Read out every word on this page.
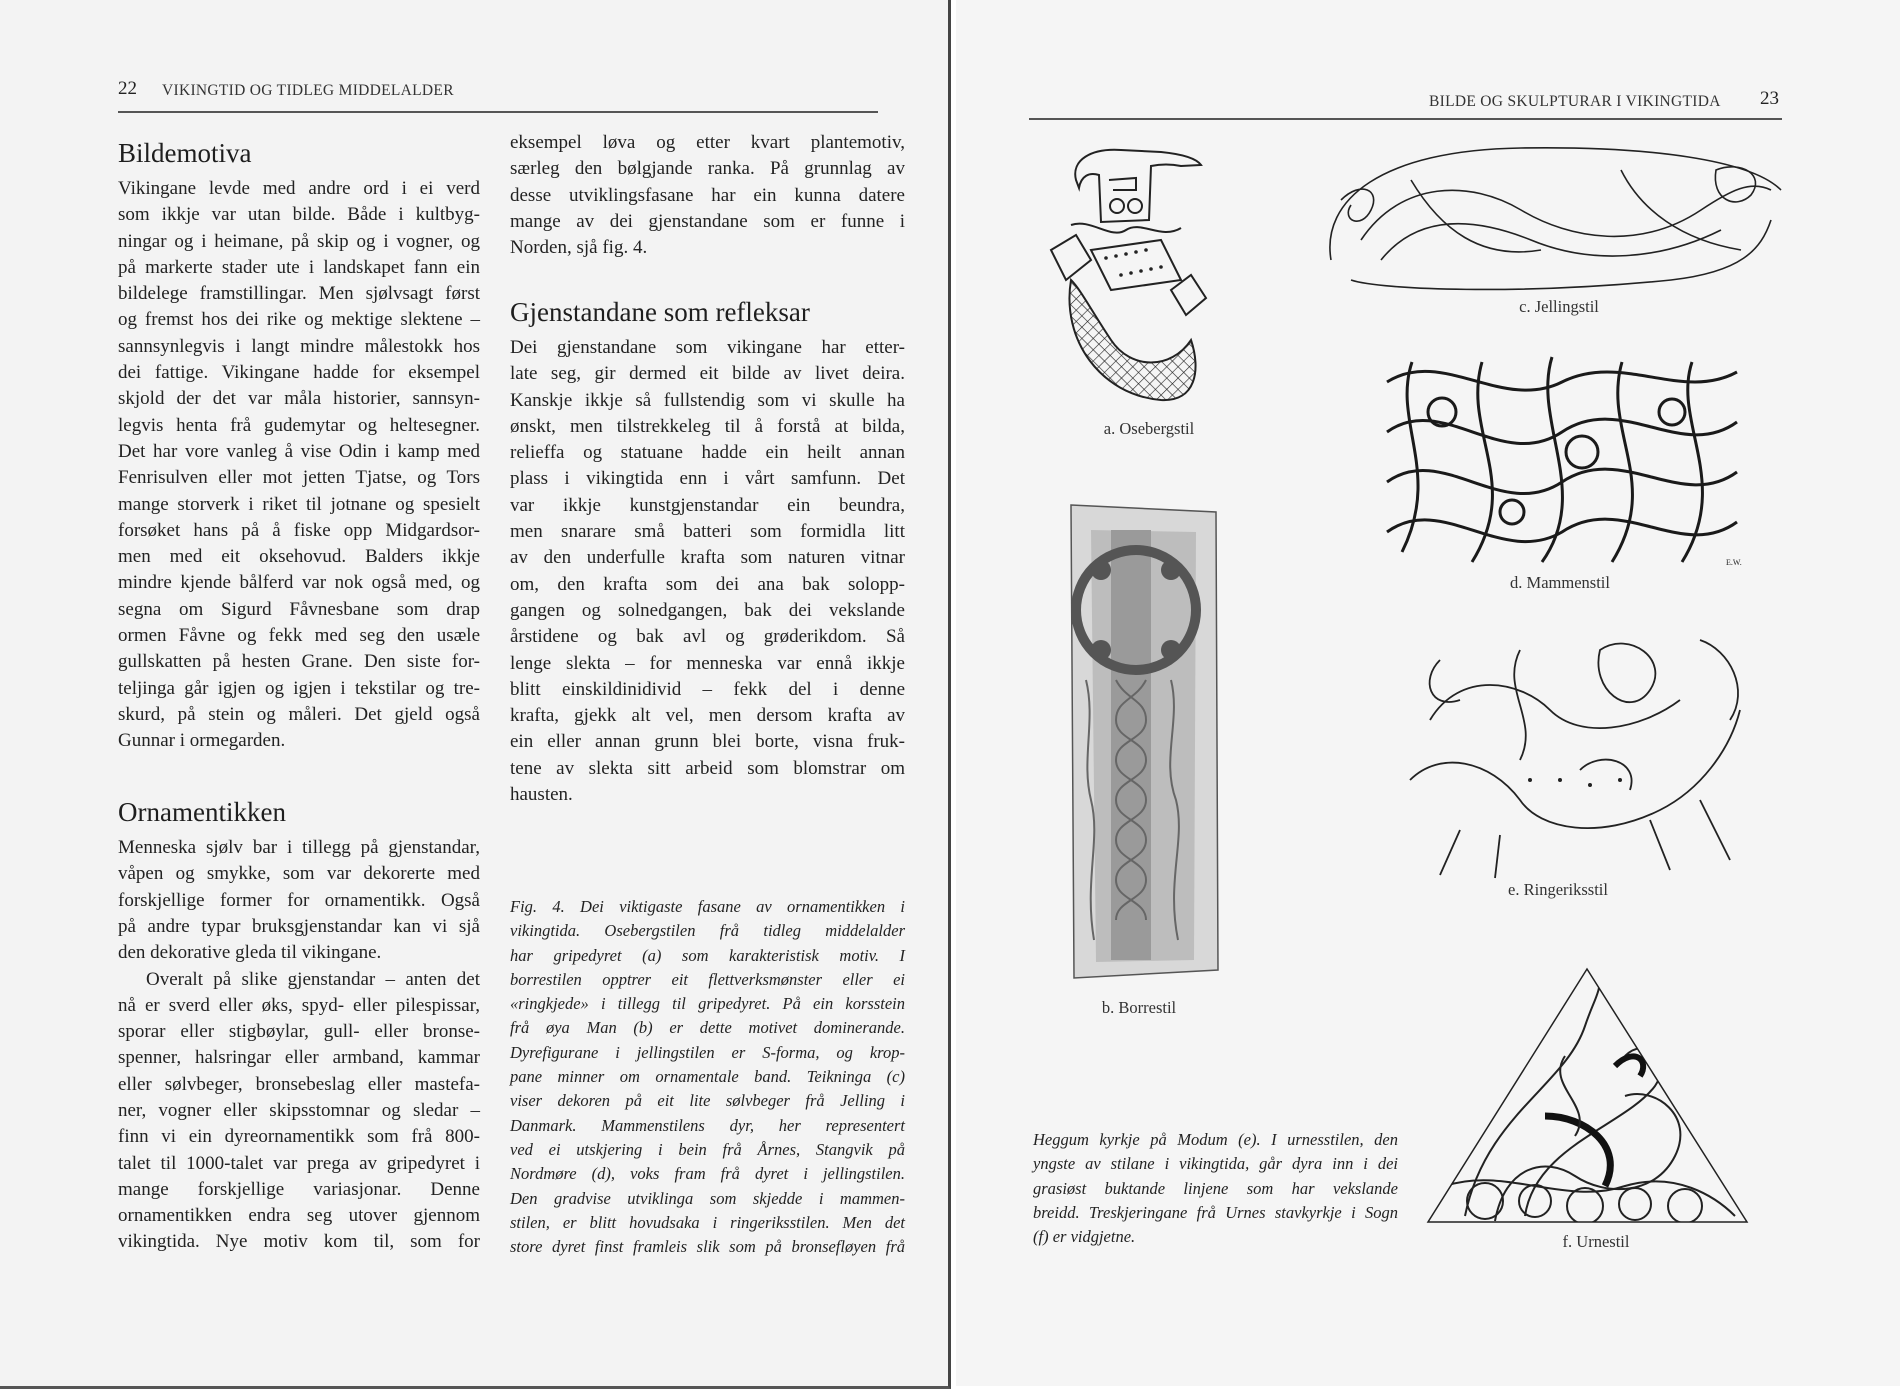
22 VIKINGTID OG TIDLEG MIDDELALDER
Bildemotiva
Vikingane levde med andre ord i ei verd
som ikkje var utan bilde. Både i kultbyg-
ningar og i heimane, på skip og i vogner, og
på markerte stader ute i landskapet fann ein
bildelege framstillingar. Men sjølvsagt først
og fremst hos dei rike og mektige slektene –
sannsynlegvis i langt mindre målestokk hos
dei fattige. Vikingane hadde for eksempel
skjold der det var måla historier, sannsyn-
legvis henta frå gudemytar og heltesegner.
Det har vore vanleg å vise Odin i kamp med
Fenrisulven eller mot jetten Tjatse, og Tors
mange storverk i riket til jotnane og spesielt
forsøket hans på å fiske opp Midgardsor-
men med eit oksehovud. Balders ikkje
mindre kjende bålferd var nok også med, og
segna om Sigurd Fåvnesbane som drap
ormen Fåvne og fekk med seg den usæle
gullskatten på hesten Grane. Den siste for-
teljinga går igjen og igjen i tekstilar og tre-
skurd, på stein og måleri. Det gjeld også
Gunnar i ormegarden.
Ornamentikken
Menneska sjølv bar i tillegg på gjenstandar,
våpen og smykke, som var dekorerte med
forskjellige former for ornamentikk. Også
på andre typar bruksgjenstandar kan vi sjå
den dekorative gleda til vikingane.
Overalt på slike gjenstandar – anten det
nå er sverd eller øks, spyd- eller pilespissar,
sporar eller stigbøylar, gull- eller bronse-
spenner, halsringar eller armband, kammar
eller sølvbeger, bronsebeslag eller mastefa-
ner, vogner eller skipsstomnar og sledar –
finn vi ein dyreornamentikk som frå 800-
talet til 1000-talet var prega av gripedyret i
mange forskjellige variasjonar. Denne
ornamentikken endra seg utover gjennom
vikingtida. Nye motiv kom til, som for
eksempel løva og etter kvart plantemotiv,
særleg den bølgjande ranka. På grunnlag av
desse utviklingsfasane har ein kunna datere
mange av dei gjenstandane som er funne i
Norden, sjå fig. 4.
Gjenstandane som refleksar
Dei gjenstandane som vikingane har etter-
late seg, gir dermed eit bilde av livet deira.
Kanskje ikkje så fullstendig som vi skulle ha
ønskt, men tilstrekkeleg til å forstå at bilda,
relieffa og statuane hadde ein heilt annan
plass i vikingtida enn i vårt samfunn. Det
var ikkje kunstgjenstandar ein beundra,
men snarare små batteri som formidla litt
av den underfulle krafta som naturen vitnar
om, den krafta som dei ana bak solopp-
gangen og solnedgangen, bak dei vekslande
årstidene og bak avl og grøderikdom. Så
lenge slekta – for menneska var ennå ikkje
blitt einskildinidivid – fekk del i denne
krafta, gjekk alt vel, men dersom krafta av
ein eller annan grunn blei borte, visna fruk-
tene av slekta sitt arbeid som blomstrar om
hausten.
Fig. 4. Dei viktigaste fasane av ornamentikken i
vikingtida. Osebergstilen frå tidleg middelalder
har gripedyret (a) som karakteristisk motiv. I
borrestilen opptrer eit flettverksmønster eller ei
«ringkjede» i tillegg til gripedyret. På ein korsstein
frå øya Man (b) er dette motivet dominerande.
Dyrefigurane i jellingstilen er S-forma, og krop-
pane minner om ornamentale band. Teikninga (c)
viser dekoren på eit lite sølvbeger frå Jelling i
Danmark. Mammenstilens dyr, her representert
ved ei utskjering i bein frå Årnes, Stangvik på
Nordmøre (d), voks fram frå dyret i jellingstilen.
Den gradvise utviklinga som skjedde i mammen-
stilen, er blitt hovudsaka i ringeriksstilen. Men det
store dyret finst framleis slik som på bronsefløyen frå
BILDE OG SKULPTURAR I VIKINGTIDA 23
a. Osebergstil
c. Jellingstil
E.W.
d. Mammenstil
b. Borrestil
e. Ringeriksstil
Heggum kyrkje på Modum (e). I urnesstilen, den
yngste av stilane i vikingtida, går dyra inn i dei
grasiøst buktande linjene som har vekslande
breidd. Treskjeringane frå Urnes stavkyrkje i Sogn
(f) er vidgjetne.	f. Urnestil
